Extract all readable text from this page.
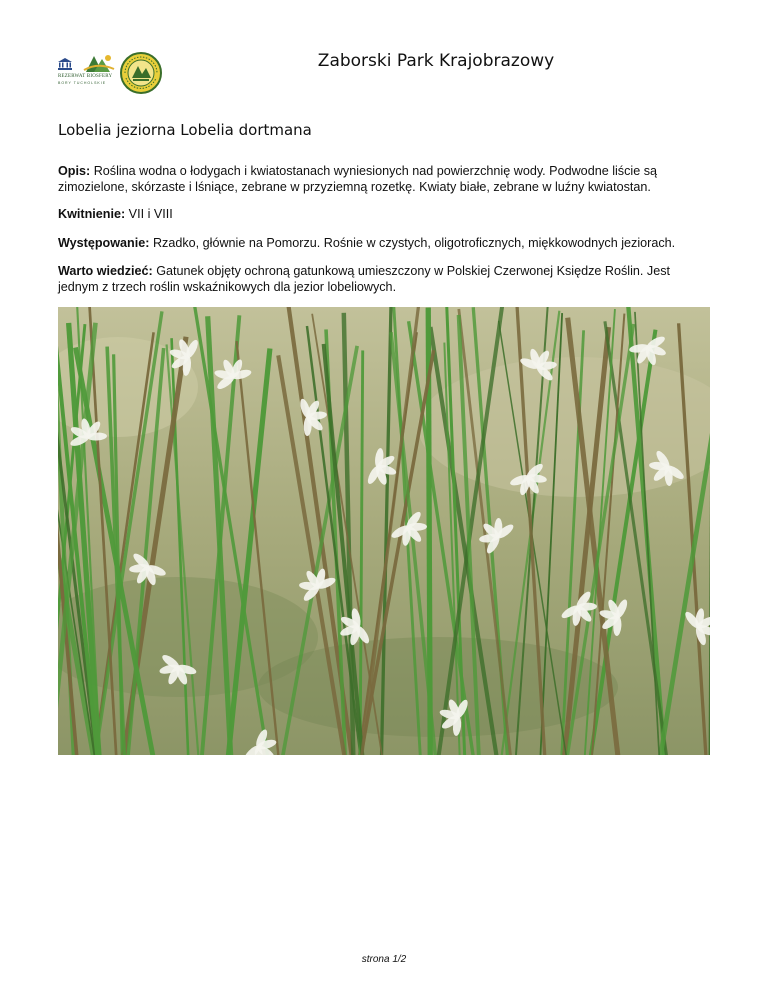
REZERWAT BIOSFERY
BORY TUCHOLSKIE
Zaborski Park Krajobrazowy
Lobelia jeziorna Lobelia dortmana
Opis: Roślina wodna o łodygach i kwiatostanach wyniesionych nad powierzchnię wody. Podwodne liście są zimozielone, skórzaste i lśniące, zebrane w przyziemną rozetkę. Kwiaty białe, zebrane w luźny kwiatostan.
Kwitnienie: VII i VIII
Występowanie: Rzadko, głównie na Pomorzu. Rośnie w czystych, oligotroficznych, miękkowodnych jeziorach.
Warto wiedzieć: Gatunek objęty ochroną gatunkową umieszczony w Polskiej Czerwonej Księdze Roślin. Jest jednym z trzech roślin wskaźnikowych dla jezior lobeliowych.
strona 1/2
